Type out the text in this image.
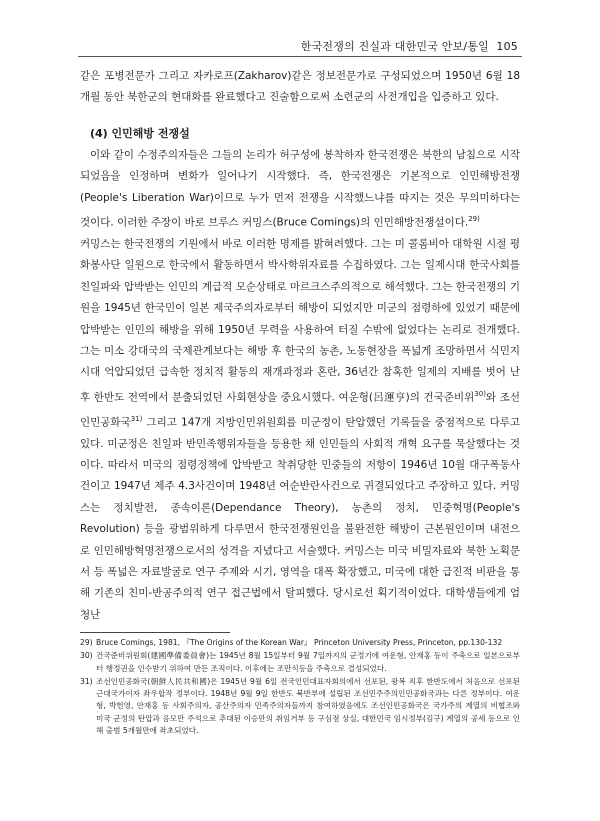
한국전쟁의 진실과 대한민국 안보/통일 105

같은 포병전문가 그리고 자카로프(Zakharov)같은 정보전문가로 구성되었으며 1950년 6월 18개월 동안 북한군의 현대화를 완료했다고 진술함으로써 소련군의 사전개입을 입증하고 있다.

(4) 인민해방 전쟁설

이와 같이 수정주의자들은 그들의 논리가 허구성에 봉착하자 한국전쟁은 북한의 남침으로 시작되었음을 인정하며 변화가 일어나기 시작했다. 즉, 한국전쟁은 기본적으로 인민해방전쟁(People's Liberation War)이므로 누가 먼저 전쟁을 시작했느냐를 따지는 것은 무의미하다는 것이다. 이러한 주장이 바로 브루스 커밍스(Bruce Comings)의 인민해방전쟁설이다.$^{29)}$

커밍스는 한국전쟁의 기원에서 바로 이러한 명제를 밝혀려했다. 그는 미 콜롬비아 대학원 시절 평화봉사단 일원으로 한국에서 활동하면서 박사학위자료를 수집하였다. 그는 일제시대 한국사회를 친일파와 압박받는 인민의 계급적 모순상태로 마르크스주의적으로 해석했다. 그는 한국전쟁의 기원을 1945년 한국민이 일본 제국주의자로부터 해방이 되었지만 미군의 점령하에 있었기 때문에 압박받는 인민의 해방을 위해 1950년 무력을 사용하여 터질 수밖에 없었다는 논리로 전개했다. 그는 미소 강대국의 국제관계보다는 해방 후 한국의 농촌, 노동현장을 폭넓게 조망하면서 식민지시대 억압되었던 급속한 정치적 활동의 재개과정과 혼란, 36년간 참혹한 일제의 지배를 벗어 난후 한반도 전역에서 분출되었던 사회현상을 중요시했다. 여운형(呂運亨)의 건국준비위$^{30)}$와 조선인민공화국$^{31)}$ 그리고 147개 지방인민위원회를 미군정이 탄압했던 기록들을 중점적으로 다루고 있다. 미군정은 친일파 반민족행위자들을 등용한 채 인민들의 사회적 개혁 요구를 묵살했다는 것이다. 따라서 미국의 점령정책에 압박받고 착취당한 민중들의 저항이 1946년 10월 대구폭동사건이고 1947년 제주 4.3사건이며 1948년 여순반란사건으로 귀결되었다고 주장하고 있다. 커밍스는 정치발전, 종속이론(Dependance Theory), 농촌의 정치, 민중혁명(People's Revolution) 등을 광범위하게 다루면서 한국전쟁원인을 불완전한 해방이 근본원인이며 내전으로 인민해방혁명전쟁으로서의 성격을 지녔다고 서술했다. 커밍스는 미국 비밀자료와 북한 노획문서 등 폭넓은 자료발굴로 연구 주제와 시기, 영역을 대폭 확장했고, 미국에 대한 급진적 비판을 통해 기존의 친미-반공주의적 연구 접근법에서 탈피했다. 당시로선 획기적이었다. 대학생들에게 엄청난

29) Bruce Comings, 1981, 『The Origins of the Korean War』 Princeton University Press, Princeton, pp.130-132
30) 건국준비위원회(建國準備委員會)는 1945년 8월 15일부터 9월 7일까지의 군정기에 여운형, 안재홍 등이 주축으로 일본으로부터 행정권을 인수받기 위하여 만든 조직이다. 이후에는 조만식등을 주축으로 결성되었다.
31) 조선인민공화국(朝鮮人民共和國)은 1945년 9월 6일 전국인민대표자회의에서 선포된, 광복 직후 한반도에서 처음으로 선포된 근대국가이자 좌우합작 정부이다. 1948년 9월 9일 한반도 북반부에 설립된 조선민주주의인민공화국과는 다른 정부이다. 여운형, 박헌영, 안재홍 등 사회주의자, 공산주의자 민족주의자들까지 참여하였음에도 조선인민공화국은 국가주의 계열의 비협조와 미국 군정의 탄압과 음모만 주석으로 추대된 이승만의 취임거부 등 구심점 상실, 대한민국 임시정부(김구) 계열의 공세 등으로 인해 출범 5개월만에 좌초되었다.
